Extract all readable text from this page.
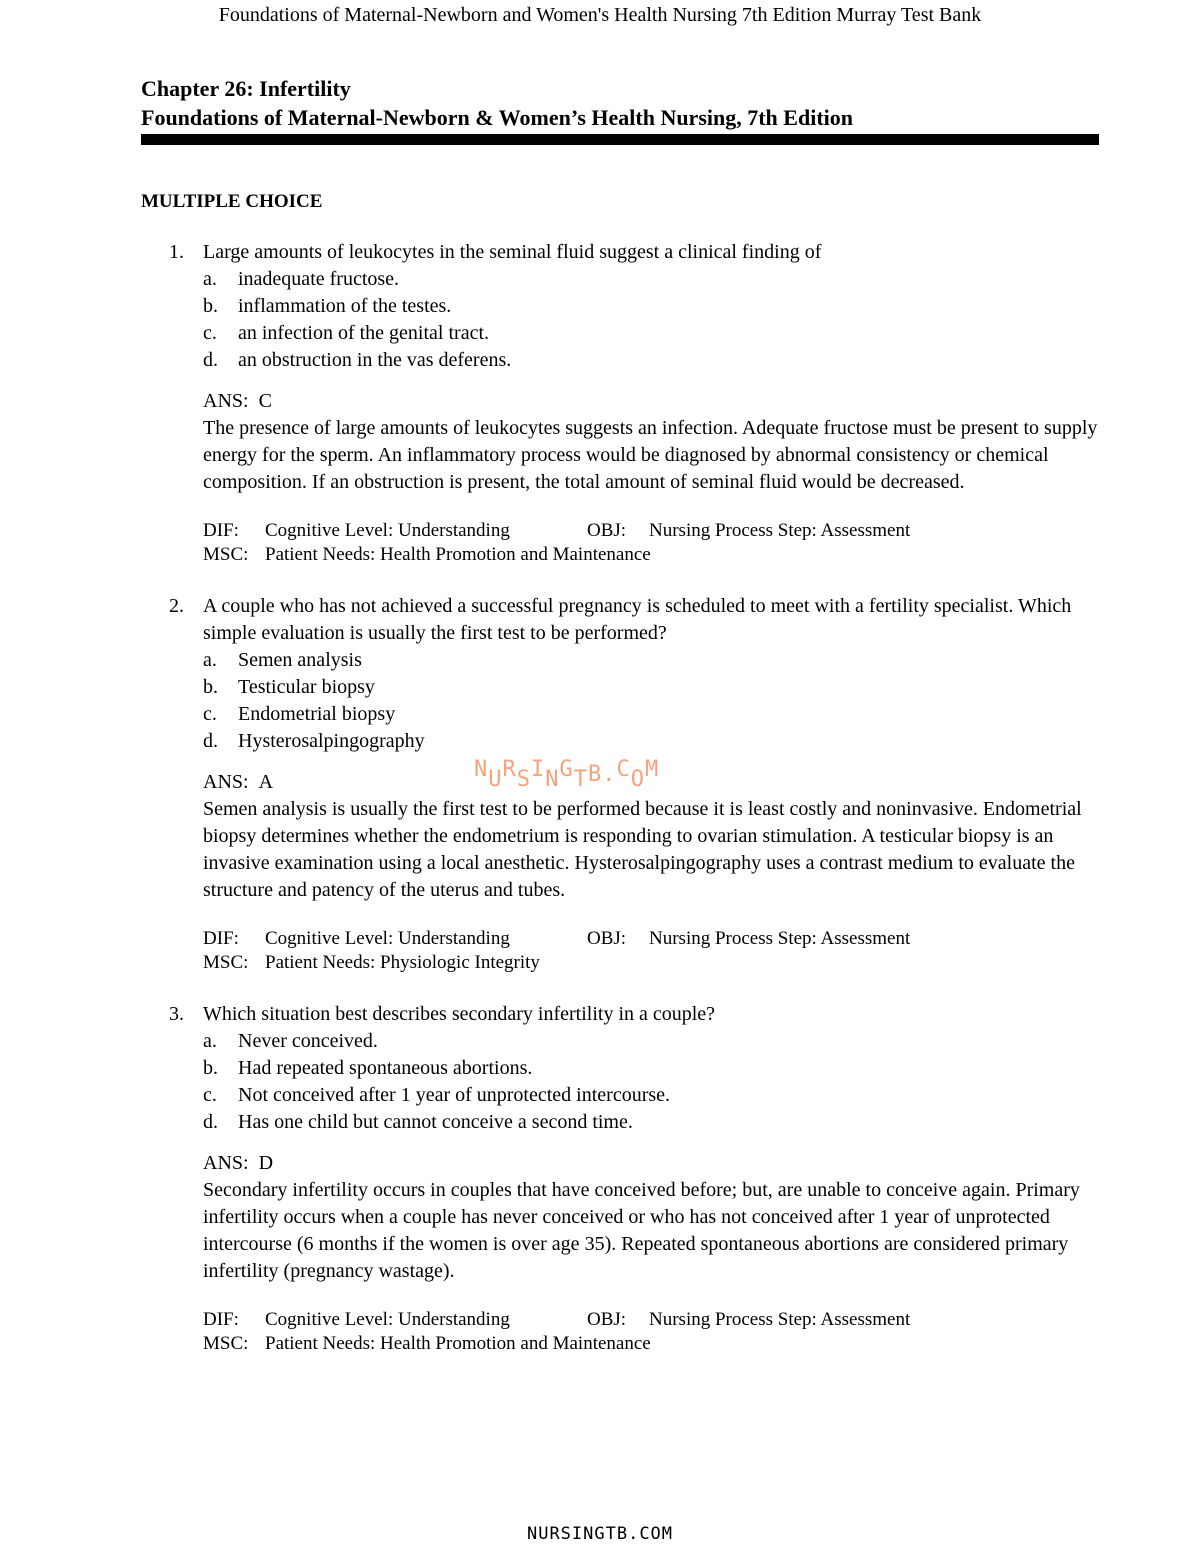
Foundations of Maternal-Newborn and Women's Health Nursing 7th Edition Murray Test Bank
Chapter 26: Infertility
Foundations of Maternal-Newborn & Women’s Health Nursing, 7th Edition
MULTIPLE CHOICE
1. Large amounts of leukocytes in the seminal fluid suggest a clinical finding of
a. inadequate fructose.
b. inflammation of the testes.
c. an infection of the genital tract.
d. an obstruction in the vas deferens.
ANS: C
The presence of large amounts of leukocytes suggests an infection. Adequate fructose must be present to supply energy for the sperm. An inflammatory process would be diagnosed by abnormal consistency or chemical composition. If an obstruction is present, the total amount of seminal fluid would be decreased.
DIF: Cognitive Level: Understanding	OBJ: Nursing Process Step: Assessment
MSC: Patient Needs: Health Promotion and Maintenance
2. A couple who has not achieved a successful pregnancy is scheduled to meet with a fertility specialist. Which simple evaluation is usually the first test to be performed?
a. Semen analysis
b. Testicular biopsy
c. Endometrial biopsy
d. Hysterosalpingography
ANS: A
Semen analysis is usually the first test to be performed because it is least costly and noninvasive. Endometrial biopsy determines whether the endometrium is responding to ovarian stimulation. A testicular biopsy is an invasive examination using a local anesthetic. Hysterosalpingography uses a contrast medium to evaluate the structure and patency of the uterus and tubes.
DIF: Cognitive Level: Understanding	OBJ: Nursing Process Step: Assessment
MSC: Patient Needs: Physiologic Integrity
3. Which situation best describes secondary infertility in a couple?
a. Never conceived.
b. Had repeated spontaneous abortions.
c. Not conceived after 1 year of unprotected intercourse.
d. Has one child but cannot conceive a second time.
ANS: D
Secondary infertility occurs in couples that have conceived before; but, are unable to conceive again. Primary infertility occurs when a couple has never conceived or who has not conceived after 1 year of unprotected intercourse (6 months if the women is over age 35). Repeated spontaneous abortions are considered primary infertility (pregnancy wastage).
DIF: Cognitive Level: Understanding	OBJ: Nursing Process Step: Assessment
MSC: Patient Needs: Health Promotion and Maintenance
NURSINGTB.COM
NURSINGTB.COM
